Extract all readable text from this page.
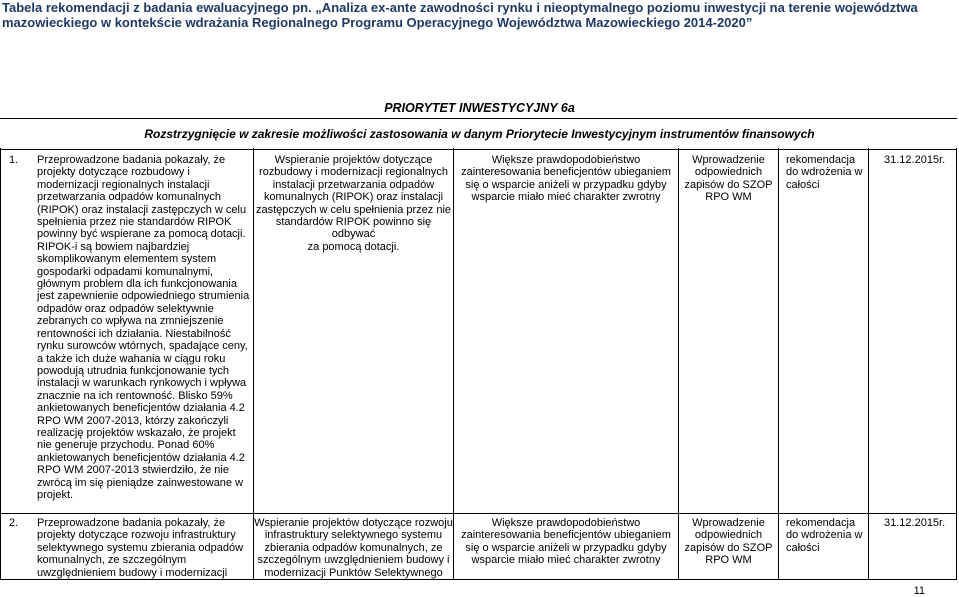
Tabela rekomendacji z badania ewaluacyjnego pn. „Analiza ex-ante zawodności rynku i nieoptymalnego poziomu inwestycji na terenie województwa mazowieckiego w kontekście wdrażania Regionalnego Programu Operacyjnego Województwa Mazowieckiego 2014-2020”
PRIORYTET INWESTYCYJNY 6a
Rozstrzygnięcie w zakresie możliwości zastosowania w danym Priorytecie Inwestycyjnym instrumentów finansowych
1. Przeprowadzone badania pokazały, że
projekty dotyczące rozbudowy i
modernizacji regionalnych instalacji
przetwarzania odpadów komunalnych
(RIPOK) oraz instalacji zastępczych w celu
spełnienia przez nie standardów RIPOK
powinny być wspierane za pomocą dotacji.
RIPOK-i są bowiem najbardziej
skomplikowanym elementem system
gospodarki odpadami komunalnymi,
głównym problem dla ich funkcjonowania
jest zapewnienie odpowiedniego strumienia
odpadów oraz odpadów selektywnie
zebranych co wpływa na zmniejszenie
rentowności ich działania. Niestabilność
rynku surowców wtórnych, spadające ceny,
a także ich duże wahania w ciągu roku
powodują utrudnia funkcjonowanie tych
instalacji w warunkach rynkowych i wpływa
znacznie na ich rentowność. Blisko 59%
ankietowanych beneficjentów działania 4.2
RPO WM 2007-2013, którzy zakończyli
realizację projektów wskazało, że projekt
nie generuje przychodu. Ponad 60%
ankietowanych beneficjentów działania 4.2
RPO WM 2007-2013 stwierdziło, że nie
zwrócą im się pieniądze zainwestowane w
projekt.
Wspieranie projektów dotyczące
rozbudowy i modernizacji regionalnych
instalacji przetwarzania odpadów
komunalnych (RIPOK) oraz instalacji
zastępczych w celu spełnienia przez nie
standardów RIPOK powinno się odbywać
za pomocą dotacji.
Większe prawdopodobieństwo
zainteresowania beneficjentów ubieganiem
się o wsparcie aniżeli w przypadku gdyby
wsparcie miało mieć charakter zwrotny
Wprowadzenie
odpowiednich
zapisów do SZOP
RPO WM
rekomendacja
do wdrożenia w
całości
31.12.2015r.
2. Przeprowadzone badania pokazały, że
projekty dotyczące rozwoju infrastruktury
selektywnego systemu zbierania odpadów
komunalnych, ze szczególnym
uwzględnieniem budowy i modernizacji
Wspieranie projektów dotyczące rozwoju
infrastruktury selektywnego systemu
zbierania odpadów komunalnych, ze
szczególnym uwzględnieniem budowy i
modernizacji Punktów Selektywnego
Większe prawdopodobieństwo
zainteresowania beneficjentów ubieganiem
się o wsparcie aniżeli w przypadku gdyby
wsparcie miało mieć charakter zwrotny
Wprowadzenie
odpowiednich
zapisów do SZOP
RPO WM
rekomendacja
do wdrożenia w
całości
31.12.2015r.
11
